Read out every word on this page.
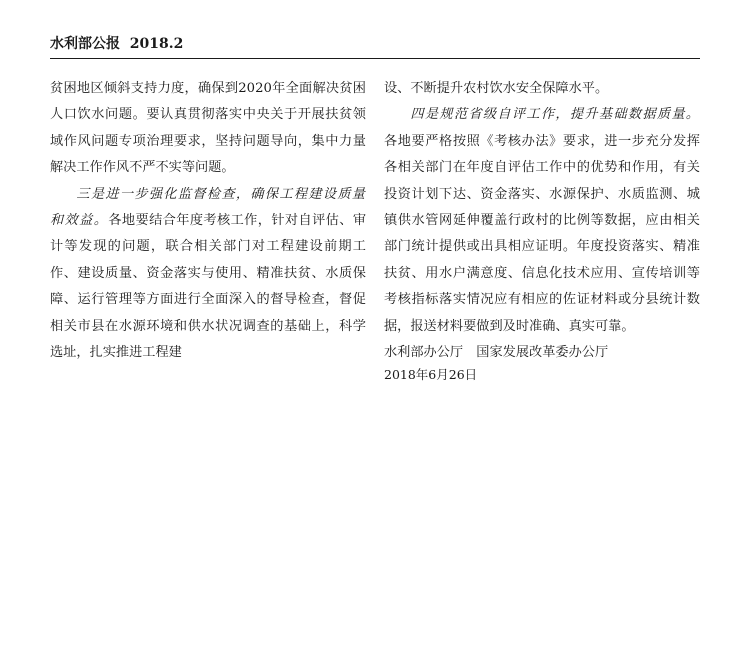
水利部公报  2018.2

贫困地区倾斜支持力度，确保到2020年全面解决贫困人口饮水问题。要认真贯彻落实中央关于开展扶贫领域作风问题专项治理要求，坚持问题导向，集中力量解决工作作风不严不实等问题。

三是进一步强化监督检查，确保工程建设质量和效益。各地要结合年度考核工作，针对自评估、审计等发现的问题，联合相关部门对工程建设前期工作、建设质量、资金落实与使用、精准扶贫、水质保障、运行管理等方面进行全面深入的督导检查，督促相关市县在水源环境和供水状况调查的基础上，科学选址，扎实推进工程建

设、不断提升农村饮水安全保障水平。

四是规范省级自评工作，提升基础数据质量。各地要严格按照《考核办法》要求，进一步充分发挥各相关部门在年度自评估工作中的优势和作用，有关投资计划下达、资金落实、水源保护、水质监测、城镇供水管网延伸覆盖行政村的比例等数据，应由相关部门统计提供或出具相应证明。年度投资落实、精准扶贫、用水户满意度、信息化技术应用、宣传培训等考核指标落实情况应有相应的佐证材料或分县统计数据，报送材料要做到及时准确、真实可靠。

水利部办公厅　国家发展改革委办公厅

2018年6月26日
